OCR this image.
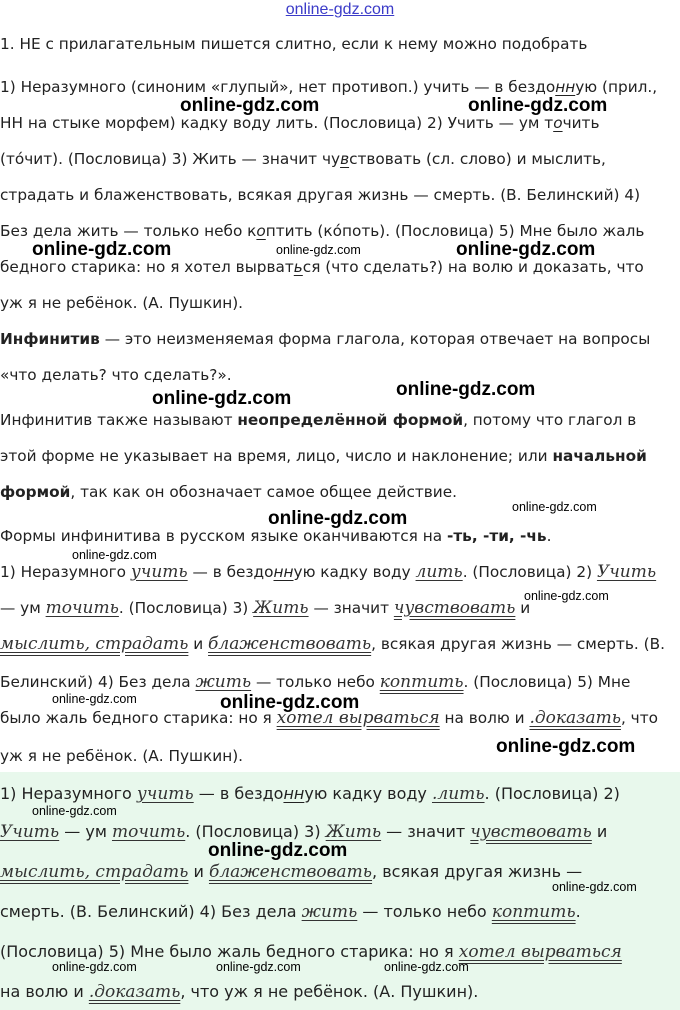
online-gdz.com
1. НЕ с прилагательным пишется слитно, если к нему можно подобрать
1) Неразумного (синоним «глупый», нет противоп.) учить — в бездонную (прил.,
НН на стыке морфем) кадку воду лить. (Пословица) 2) Учить — ум точить
(то́чит). (Пословица) 3) Жить — значит чувствовать (сл. слово) и мыслить,
страдать и блаженствовать, всякая другая жизнь — смерть. (В. Белинский) 4)
Без дела жить — только небо коптить (ко́поть). (Пословица) 5) Мне было жаль
бедного старика: но я хотел вырваться (что сделать?) на волю и доказать, что
уж я не ребёнок. (А. Пушкин).
Инфинитив — это неизменяемая форма глагола, которая отвечает на вопросы
«что делать? что сделать?».
Инфинитив также называют неопределённой формой, потому что глагол в
этой форме не указывает на время, лицо, число и наклонение; или начальной
формой, так как он обозначает самое общее действие.
Формы инфинитива в русском языке оканчиваются на -ть, -ти, -чь.
1) Неразумного учить — в бездонную кадку воду лить. (Пословица) 2) Учить
— ум точить. (Пословица) 3) Жить — значит чувствовать и
мыслить, страдать и блаженствовать, всякая другая жизнь — смерть. (В.
Белинский) 4) Без дела жить — только небо коптить. (Пословица) 5) Мне
было жаль бедного старика: но я хотел вырваться на волю и .доказать, что
уж я не ребёнок. (А. Пушкин).
1) Неразумного учить — в бездонную кадку воду .лить. (Пословица) 2)
Учить — ум точить. (Пословица) 3) Жить — значит чувствовать и
мыслить, страдать и блаженствовать, всякая другая жизнь —
смерть. (В. Белинский) 4) Без дела жить — только небо коптить.
(Пословица) 5) Мне было жаль бедного старика: но я хотел вырваться
на волю и .доказать, что уж я не ребёнок. (А. Пушкин).
online-gdz.com	online-gdz.com
online-gdz.com	online-gdz.com	online-gdz.com
online-gdz.com
online-gdz.com
online-gdz.com
online-gdz.com
online-gdz.com
online-gdz.com
online-gdz.com	online-gdz.com
online-gdz.com
online-gdz.com
online-gdz.com
online-gdz.com
online-gdz.com	online-gdz.com	online-gdz.com
